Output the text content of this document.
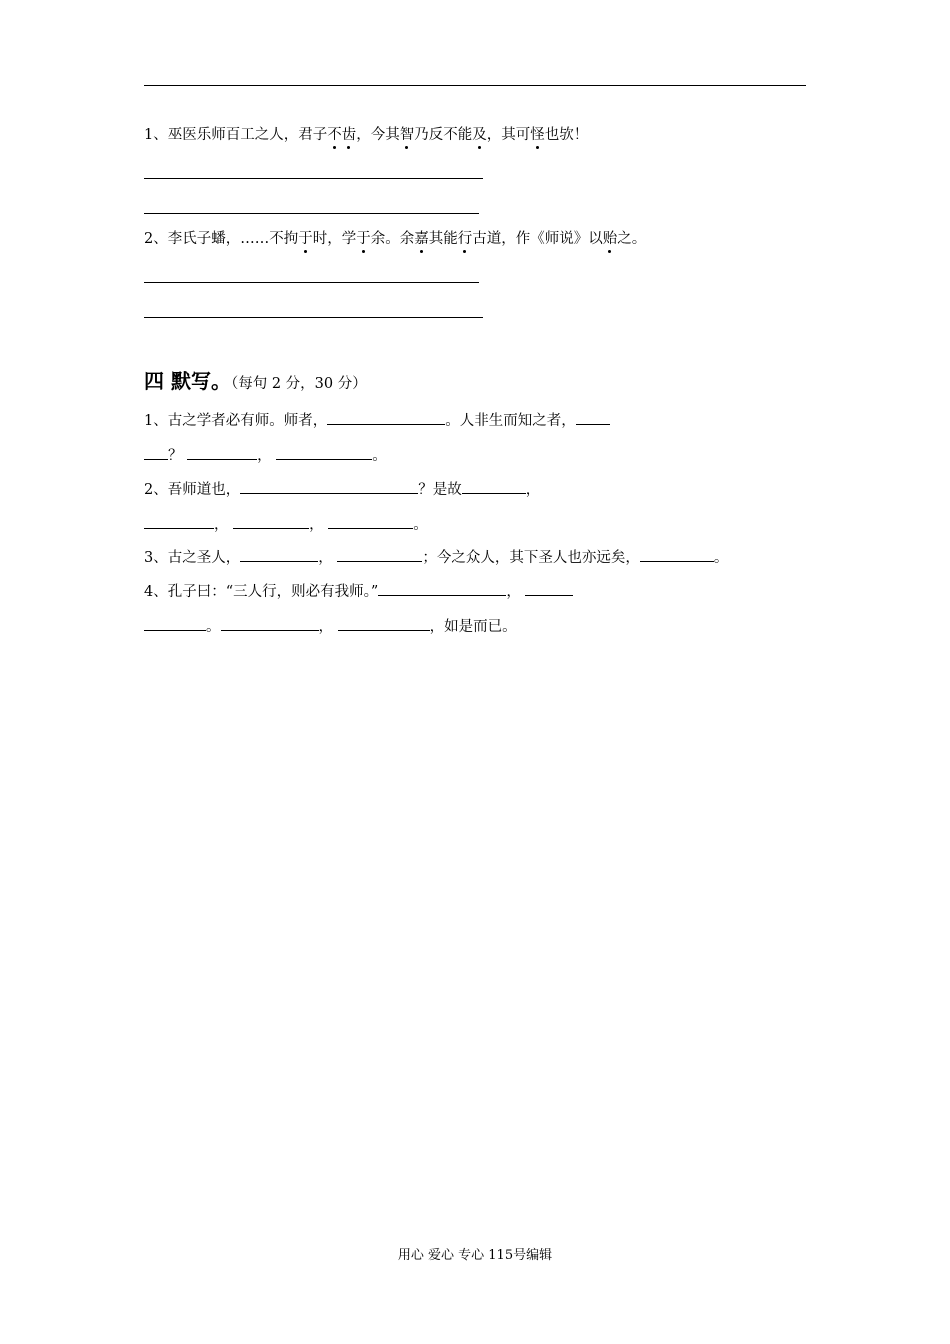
1、巫医乐师百工之人，君子不齿，今其智乃反不能及，其可怪也欤！
2、李氏子蟠，……不拘于时，学于余。余嘉其能行古道，作《师说》以贻之。
四 默写。（每句 2 分，30 分）
1、古之学者必有师。师者，	。人非生而知之者，
？	，	。
2、吾师道也，	？是故	，
，	，	。
3、古之圣人，	，	；今之众人，其下圣人也亦远矣，	。
4、孔子曰：“三人行，则必有我师。”	，
。	，	，如是而已。
用心 爱心 专心 115号编辑
